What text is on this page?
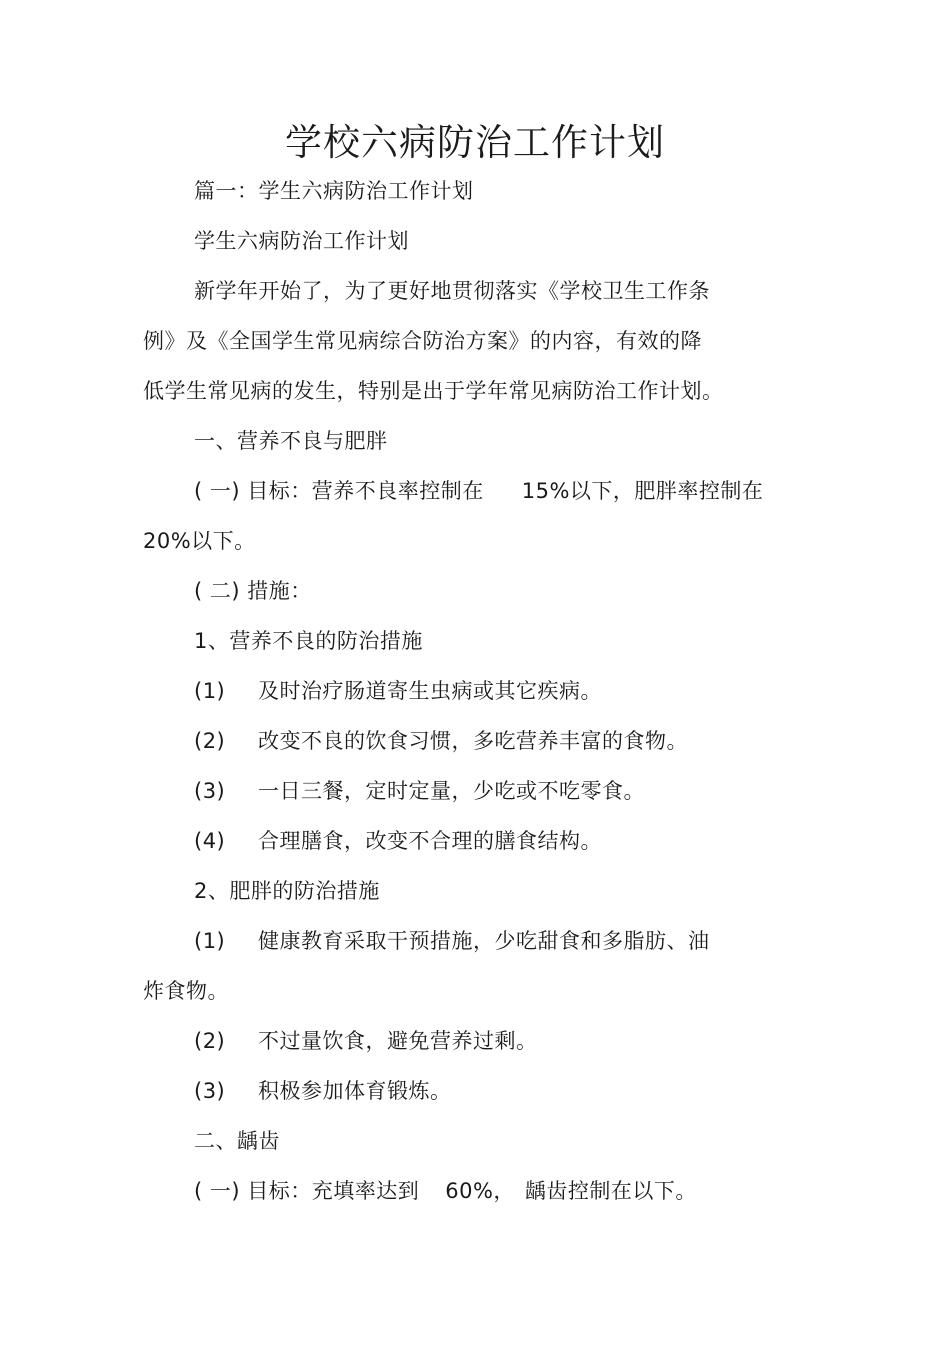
学校六病防治工作计划
篇一：学生六病防治工作计划
学生六病防治工作计划
新学年开始了，为了更好地贯彻落实《学校卫生工作条
例》及《全国学生常见病综合防治方案》的内容，有效的降
低学生常见病的发生，特别是出于学年常见病防治工作计划。
一、营养不良与肥胖
( 一) 目标：营养不良率控制在 15%以下，肥胖率控制在
20%以下。
( 二) 措施：
1、营养不良的防治措施
(1) 及时治疗肠道寄生虫病或其它疾病。
(2) 改变不良的饮食习惯，多吃营养丰富的食物。
(3) 一日三餐，定时定量，少吃或不吃零食。
(4) 合理膳食，改变不合理的膳食结构。
2、肥胖的防治措施
(1) 健康教育采取干预措施，少吃甜食和多脂肪、油
炸食物。
(2) 不过量饮食，避免营养过剩。
(3) 积极参加体育锻炼。
二、龋齿
( 一) 目标：充填率达到 60%， 龋齿控制在以下。
